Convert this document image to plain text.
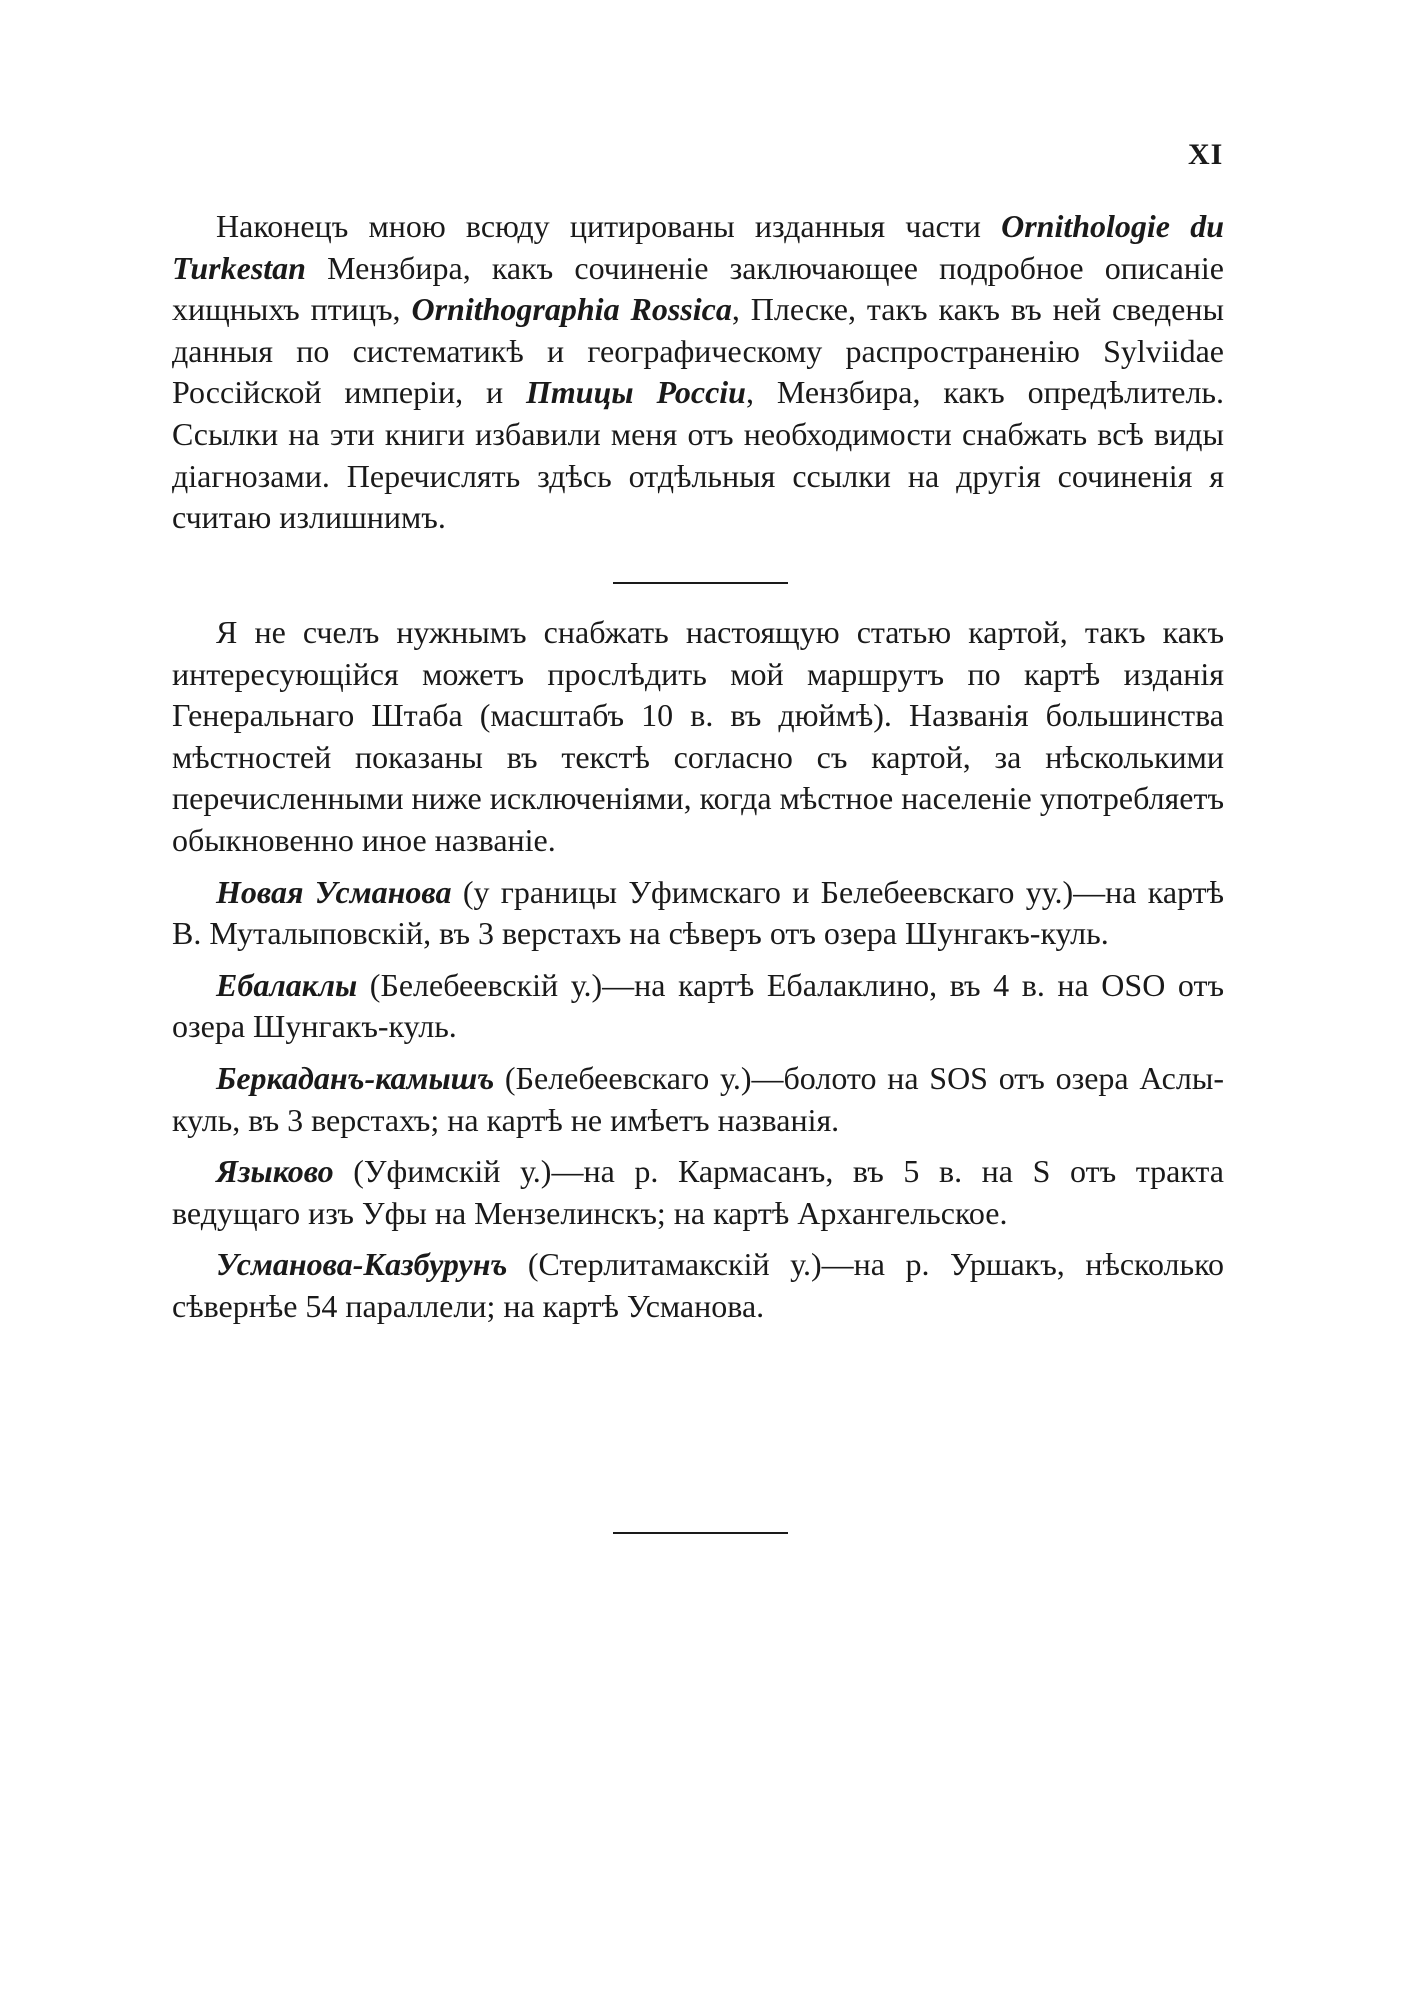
XI

Наконецъ мною всюду цитированы изданныя части Ornithologie du Turkestan Мензбира, какъ сочиненіе заключающее подробное описаніе хищныхъ птицъ, Ornithographia Rossica, Плеске, такъ какъ въ ней сведены данныя по систематикѣ и географическому распространенію Sylviidae Россійской имперіи, и Птицы Россіи, Мензбира, какъ опредѣлитель. Ссылки на эти книги избавили меня отъ необходимости снабжать всѣ виды діагнозами. Перечислять здѣсь отдѣльныя ссылки на другія сочиненія я считаю излишнимъ.

Я не счелъ нужнымъ снабжать настоящую статью картой, такъ какъ интересующійся можетъ прослѣдить мой маршрутъ по картѣ изданія Генеральнаго Штаба (масштабъ 10 в. въ дюймѣ). Названія большинства мѣстностей показаны въ текстѣ согласно съ картой, за нѣсколькими перечисленными ниже исключеніями, когда мѣстное населеніе употребляетъ обыкновенно иное названіе.

Новая Усманова (у границы Уфимскаго и Белебеевскаго уу.)—на картѣ В. Муталыповскій, въ 3 верстахъ на сѣверъ отъ озера Шунгакъ-куль.

Ебалаклы (Белебеевскій у.)—на картѣ Ебалаклино, въ 4 в. на OSO отъ озера Шунгакъ-куль.

Беркаданъ-камышъ (Белебеевскаго у.)—болото на SOS отъ озера Аслы-куль, въ 3 верстахъ; на картѣ не имѣетъ названія.

Языково (Уфимскій у.)—на р. Кармасанъ, въ 5 в. на S отъ тракта ведущаго изъ Уфы на Мензелинскъ; на картѣ Архангельское.

Усманова-Казбурунъ (Стерлитамакскій у.)—на р. Уршакъ, нѣсколько сѣвернѣе 54 параллели; на картѣ Усманова.
